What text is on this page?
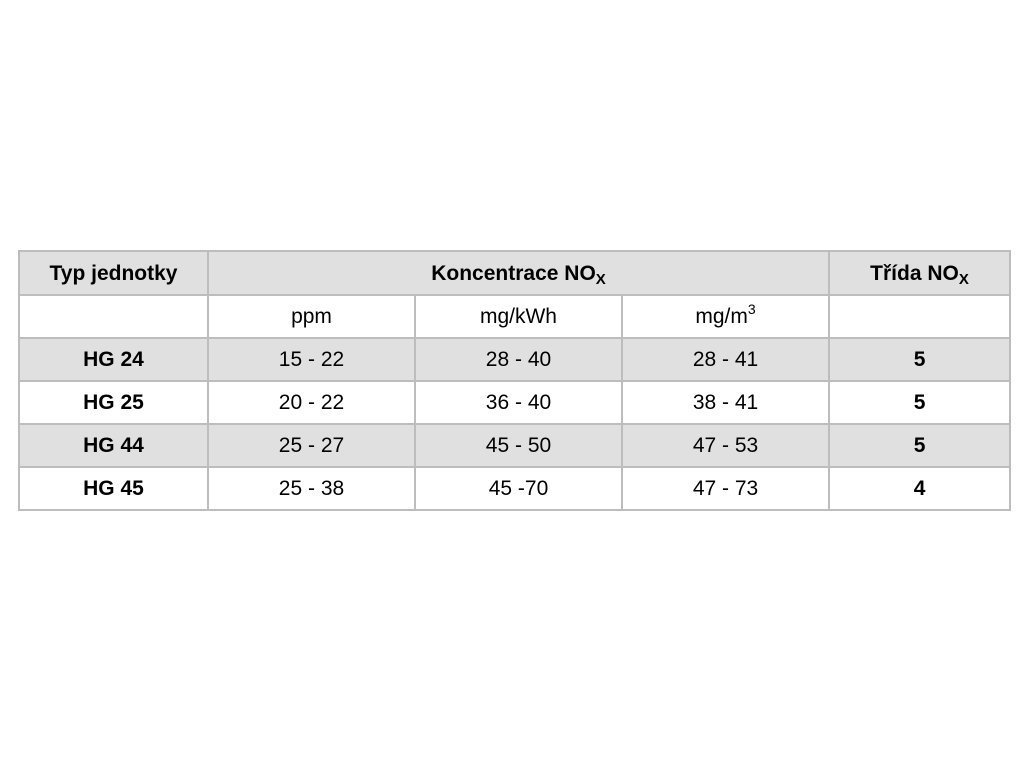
Typ jednotky	Koncentrace $NO_X$			Třída $NO_X$
	ppm	mg/kWh	$mg/m^3$	
HG 24	15 - 22	28 - 40	28 - 41	5
HG 25	20 - 22	36 - 40	38 - 41	5
HG 44	25 - 27	45 - 50	47 - 53	5
HG 45	25 - 38	45 -70	47 - 73	4
